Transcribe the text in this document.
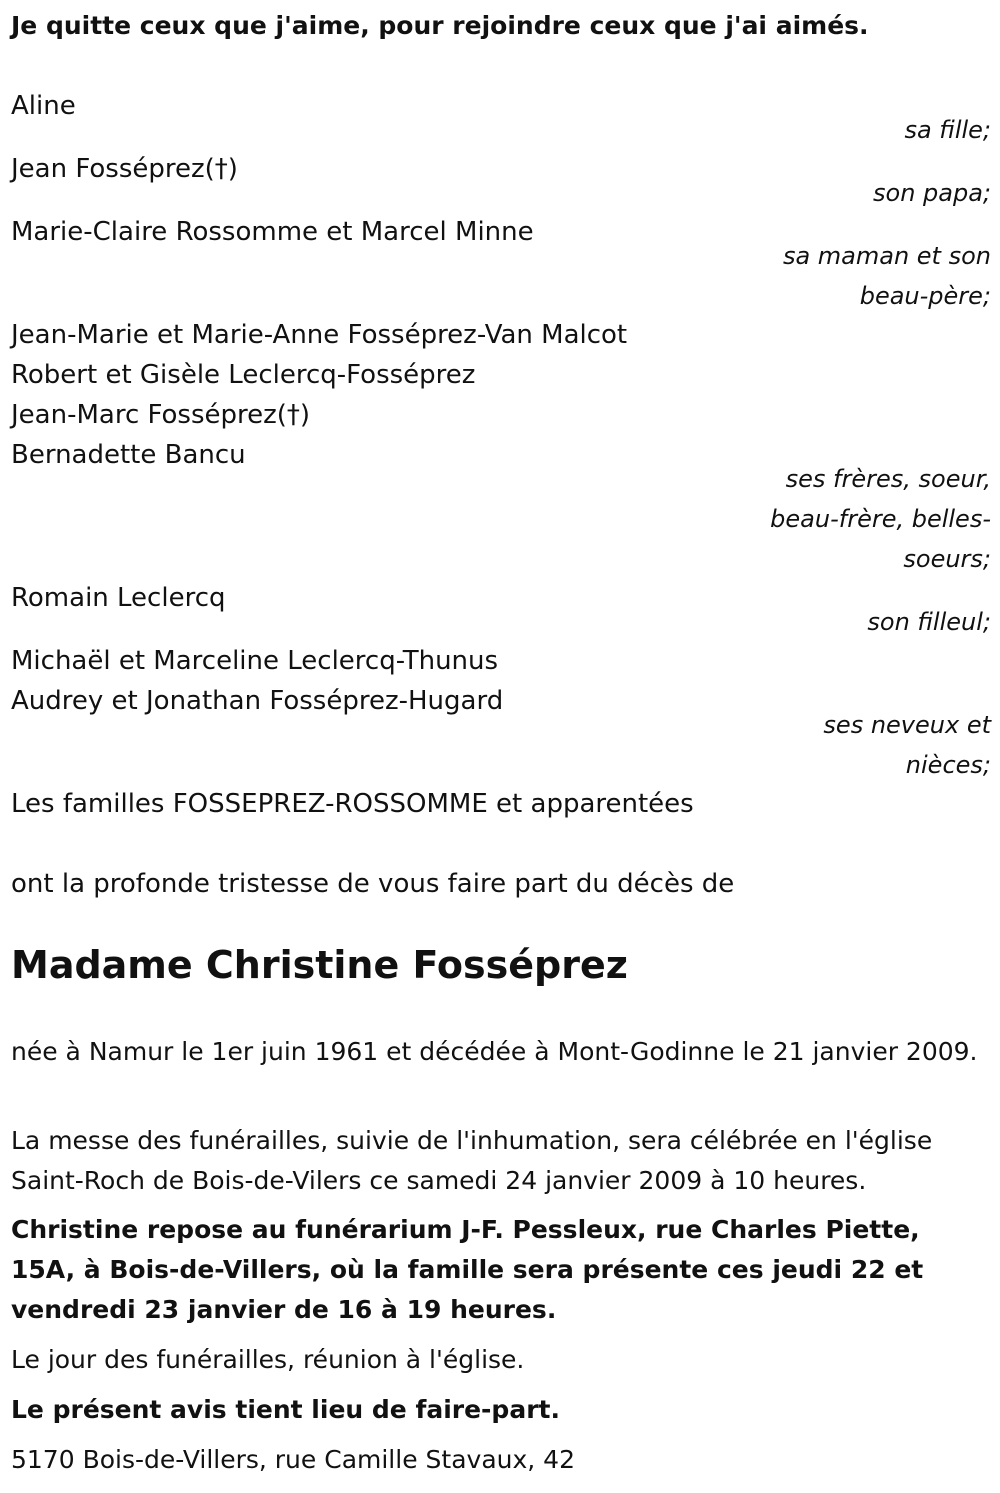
Je quitte ceux que j'aime, pour rejoindre ceux que j'ai aimés.

Aline

sa fille;

Jean Fosséprez(†)

son papa;

Marie-Claire Rossomme et Marcel Minne

sa maman et son beau-père;

Jean-Marie et Marie-Anne Fosséprez-Van Malcot

Robert et Gisèle Leclercq-Fosséprez

Jean-Marc Fosséprez(†)

Bernadette Bancu

ses frères, soeur, beau-frère, belles-soeurs;

Romain Leclercq

son filleul;

Michaël et Marceline Leclercq-Thunus

Audrey et Jonathan Fosséprez-Hugard

ses neveux et nièces;

Les familles FOSSEPREZ-ROSSOMME et apparentées

ont la profonde tristesse de vous faire part du décès de

Madame Christine Fosséprez

née à Namur le 1er juin 1961 et décédée à Mont-Godinne le 21 janvier 2009.

La messe des funérailles, suivie de l'inhumation, sera célébrée en l'église Saint-Roch de Bois-de-Vilers ce samedi 24 janvier 2009 à 10 heures.

Christine repose au funérarium J-F. Pessleux, rue Charles Piette, 15A, à Bois-de-Villers, où la famille sera présente ces jeudi 22 et vendredi 23 janvier de 16 à 19 heures.

Le jour des funérailles, réunion à l'église.

Le présent avis tient lieu de faire-part.

5170 Bois-de-Villers, rue Camille Stavaux, 42
